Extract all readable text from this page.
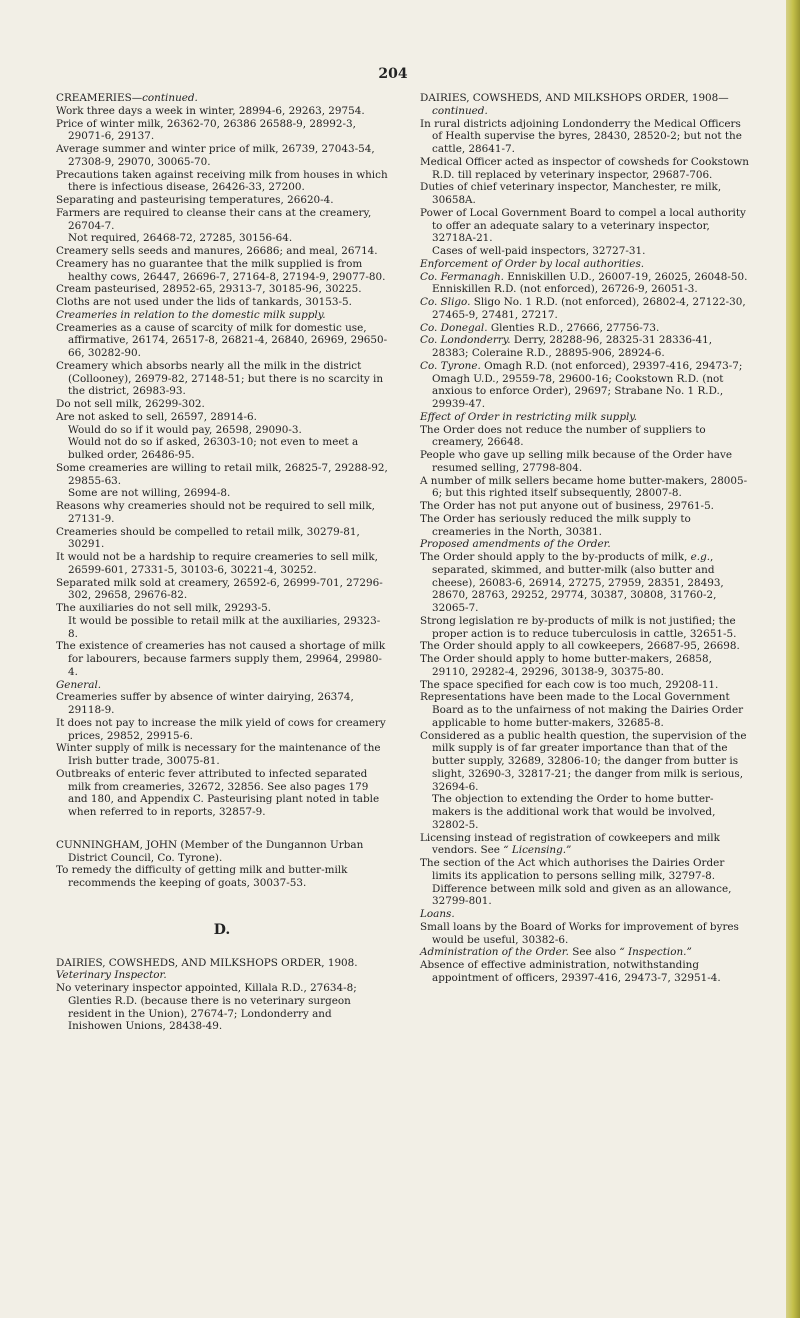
204

CREAMERIES—continued.

Work three days a week in winter, 28994-6, 29263, 29754.

Price of winter milk, 26362-70, 26386 26588-9, 28992-3, 29071-6, 29137.

Average summer and winter price of milk, 26739, 27043-54, 27308-9, 29070, 30065-70.

Precautions taken against receiving milk from houses in which there is infectious disease, 26426-33, 27200.

Separating and pasteurising temperatures, 26620-4.

Farmers are required to cleanse their cans at the creamery, 26704-7.

Not required, 26468-72, 27285, 30156-64.

Creamery sells seeds and manures, 26686; and meal, 26714.

Creamery has no guarantee that the milk supplied is from healthy cows, 26447, 26696-7, 27164-8, 27194-9, 29077-80.

Cream pasteurised, 28952-65, 29313-7, 30185-96, 30225.

Cloths are not used under the lids of tankards, 30153-5.

Creameries in relation to the domestic milk supply.

Creameries as a cause of scarcity of milk for domestic use, affirmative, 26174, 26517-8, 26821-4, 26840, 26969, 29650-66, 30282-90.

Creamery which absorbs nearly all the milk in the district (Collooney), 26979-82, 27148-51; but there is no scarcity in the district, 26983-93.

Do not sell milk, 26299-302.

Are not asked to sell, 26597, 28914-6.

Would do so if it would pay, 26598, 29090-3.

Would not do so if asked, 26303-10; not even to meet a bulked order, 26486-95.

Some creameries are willing to retail milk, 26825-7, 29288-92, 29855-63.

Some are not willing, 26994-8.

Reasons why creameries should not be required to sell milk, 27131-9.

Creameries should be compelled to retail milk, 30279-81, 30291.

It would not be a hardship to require creameries to sell milk, 26599-601, 27331-5, 30103-6, 30221-4, 30252.

Separated milk sold at creamery, 26592-6, 26999-701, 27296-302, 29658, 29676-82.

The auxiliaries do not sell milk, 29293-5.

It would be possible to retail milk at the auxiliaries, 29323-8.

The existence of creameries has not caused a shortage of milk for labourers, because farmers supply them, 29964, 29980-4.

General.

Creameries suffer by absence of winter dairying, 26374, 29118-9.

It does not pay to increase the milk yield of cows for creamery prices, 29852, 29915-6.

Winter supply of milk is necessary for the maintenance of the Irish butter trade, 30075-81.

Outbreaks of enteric fever attributed to infected separated milk from creameries, 32672, 32856. See also pages 179 and 180, and Appendix C. Pasteurising plant noted in table when referred to in reports, 32857-9.

CUNNINGHAM, JOHN (Member of the Dungannon Urban District Council, Co. Tyrone).

To remedy the difficulty of getting milk and butter-milk recommends the keeping of goats, 30037-53.

D.

DAIRIES, COWSHEDS, AND MILKSHOPS ORDER, 1908.

Veterinary Inspector.

No veterinary inspector appointed, Killala R.D., 27634-8; Glenties R.D. (because there is no veterinary surgeon resident in the Union), 27674-7; Londonderry and Inishowen Unions, 28438-49.

DAIRIES, COWSHEDS, AND MILKSHOPS ORDER, 1908—continued.

In rural districts adjoining Londonderry the Medical Officers of Health supervise the byres, 28430, 28520-2; but not the cattle, 28641-7.

Medical Officer acted as inspector of cowsheds for Cookstown R.D. till replaced by veterinary inspector, 29687-706.

Duties of chief veterinary inspector, Manchester, re milk, 30658A.

Power of Local Government Board to compel a local authority to offer an adequate salary to a veterinary inspector, 32718A-21.

Cases of well-paid inspectors, 32727-31.

Enforcement of Order by local authorities.

Co. Fermanagh. Enniskillen U.D., 26007-19, 26025, 26048-50. Enniskillen R.D. (not enforced), 26726-9, 26051-3.

Co. Sligo. Sligo No. 1 R.D. (not enforced), 26802-4, 27122-30, 27465-9, 27481, 27217.

Co. Donegal. Glenties R.D., 27666, 27756-73.

Co. Londonderry. Derry, 28288-96, 28325-31 28336-41, 28383; Coleraine R.D., 28895-906, 28924-6.

Co. Tyrone. Omagh R.D. (not enforced), 29397-416, 29473-7; Omagh U.D., 29559-78, 29600-16; Cookstown R.D. (not anxious to enforce Order), 29697; Strabane No. 1 R.D., 29939-47.

Effect of Order in restricting milk supply.

The Order does not reduce the number of suppliers to creamery, 26648.

People who gave up selling milk because of the Order have resumed selling, 27798-804.

A number of milk sellers became home butter-makers, 28005-6; but this righted itself subsequently, 28007-8.

The Order has not put anyone out of business, 29761-5.

The Order has seriously reduced the milk supply to creameries in the North, 30381.

Proposed amendments of the Order.

The Order should apply to the by-products of milk, e.g., separated, skimmed, and butter-milk (also butter and cheese), 26083-6, 26914, 27275, 27959, 28351, 28493, 28670, 28763, 29252, 29774, 30387, 30808, 31760-2, 32065-7.

Strong legislation re by-products of milk is not justified; the proper action is to reduce tuberculosis in cattle, 32651-5.

The Order should apply to all cowkeepers, 26687-95, 26698.

The Order should apply to home butter-makers, 26858, 29110, 29282-4, 29296, 30138-9, 30375-80.

The space specified for each cow is too much, 29208-11.

Representations have been made to the Local Government Board as to the unfairness of not making the Dairies Order applicable to home butter-makers, 32685-8.

Considered as a public health question, the supervision of the milk supply is of far greater importance than that of the butter supply, 32689, 32806-10; the danger from butter is slight, 32690-3, 32817-21; the danger from milk is serious, 32694-6.

The objection to extending the Order to home butter-makers is the additional work that would be involved, 32802-5.

Licensing instead of registration of cowkeepers and milk vendors. See “ Licensing.”

The section of the Act which authorises the Dairies Order limits its application to persons selling milk, 32797-8.

Difference between milk sold and given as an allowance, 32799-801.

Loans.

Small loans by the Board of Works for improvement of byres would be useful, 30382-6.

Administration of the Order. See also “ Inspection.”

Absence of effective administration, notwithstanding appointment of officers, 29397-416, 29473-7, 32951-4.
